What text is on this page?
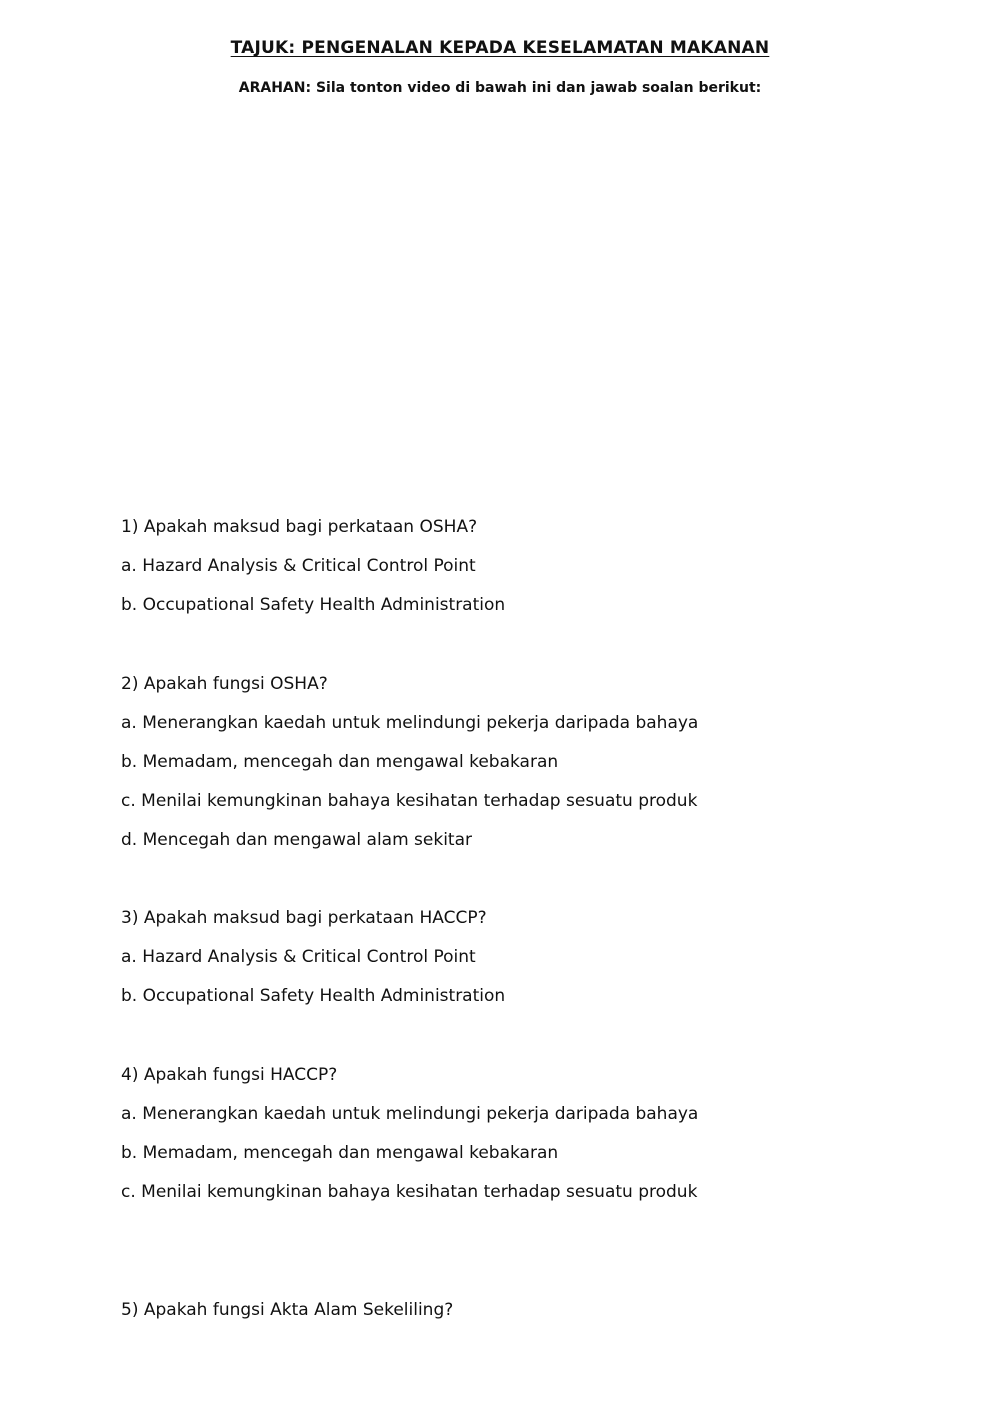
TAJUK: PENGENALAN KEPADA KESELAMATAN MAKANAN
ARAHAN: Sila tonton video di bawah ini dan jawab soalan berikut:
1) Apakah maksud bagi perkataan OSHA?
a. Hazard Analysis & Critical Control Point
b. Occupational Safety Health Administration
2) Apakah fungsi OSHA?
a. Menerangkan kaedah untuk melindungi pekerja daripada bahaya
b. Memadam, mencegah dan mengawal kebakaran
c. Menilai kemungkinan bahaya kesihatan terhadap sesuatu produk
d. Mencegah dan mengawal alam sekitar
3) Apakah maksud bagi perkataan HACCP?
a. Hazard Analysis & Critical Control Point
b. Occupational Safety Health Administration
4) Apakah fungsi HACCP?
a. Menerangkan kaedah untuk melindungi pekerja daripada bahaya
b. Memadam, mencegah dan mengawal kebakaran
c. Menilai kemungkinan bahaya kesihatan terhadap sesuatu produk
5) Apakah fungsi Akta Alam Sekeliling?
